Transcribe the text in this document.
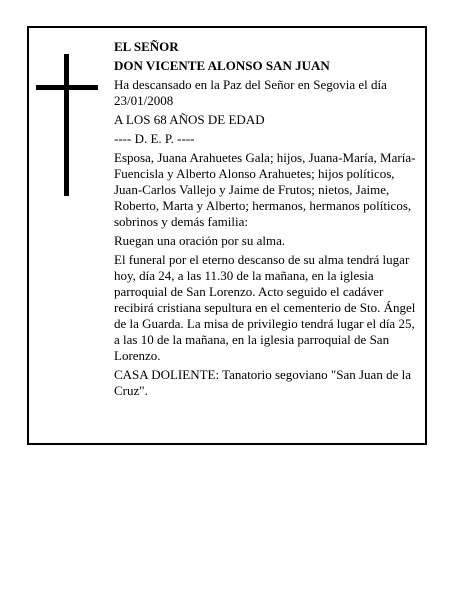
EL SEÑOR

DON VICENTE ALONSO SAN JUAN

Ha descansado en la Paz del Señor en Segovia el día 23/01/2008

A LOS 68 AÑOS DE EDAD

---- D. E. P. ----

Esposa, Juana Arahuetes Gala; hijos, Juana-María, María-Fuencisla y Alberto Alonso Arahuetes; hijos políticos, Juan-Carlos Vallejo y Jaime de Frutos; nietos, Jaime, Roberto, Marta y Alberto; hermanos, hermanos políticos, sobrinos y demás familia:

Ruegan una oración por su alma.

El funeral por el eterno descanso de su alma tendrá lugar hoy, día 24, a las 11.30 de la mañana, en la iglesia parroquial de San Lorenzo. Acto seguido el cadáver recibirá cristiana sepultura en el cementerio de Sto. Ángel de la Guarda. La misa de privilegio tendrá lugar el día 25, a las 10 de la mañana, en la iglesia parroquial de San Lorenzo.

CASA DOLIENTE: Tanatorio segoviano "San Juan de la Cruz".
